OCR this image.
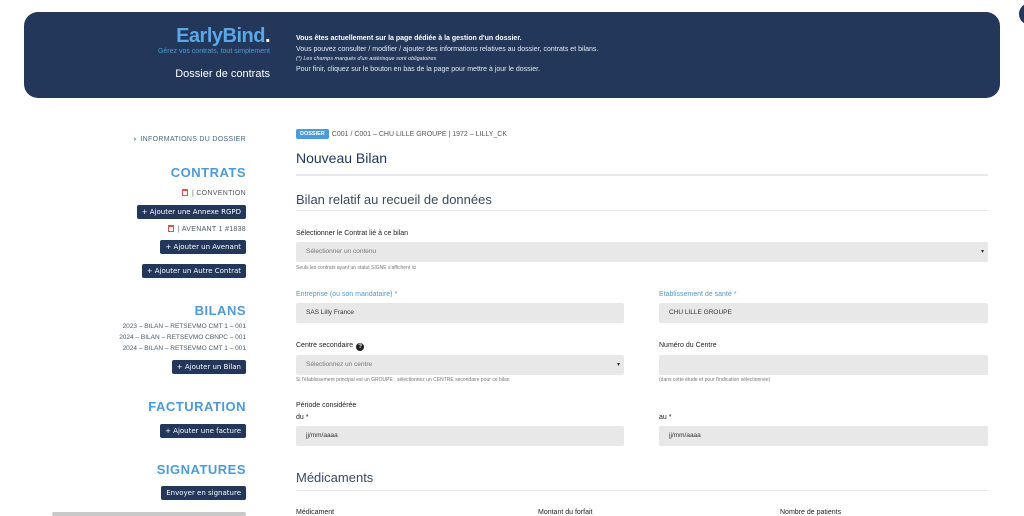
EarlyBind.
Gérez vos contrats, tout simplement
Dossier de contrats
Vous êtes actuellement sur la page dédiée à la gestion d'un dossier.
Vous pouvez consulter / modifier / ajouter des informations relatives au dossier, contrats et bilans.
(*) Les champs marqués d'un astérisque sont obligatoires
Pour finir, cliquez sur le bouton en bas de la page pour mettre à jour le dossier.
› INFORMATIONS DU DOSSIER
CONTRATS
| CONVENTION
+ Ajouter une Annexe RGPD
| AVENANT 1 #1838
+ Ajouter un Avenant
+ Ajouter un Autre Contrat
BILANS
2023 – BILAN – RETSEVMO CMT 1 – 001
2024 – BILAN – RETSEVMO CBNPC – 001
2024 – BILAN – RETSEVMO CMT 1 – 001
+ Ajouter un Bilan
FACTURATION
+ Ajouter une facture
SIGNATURES
Envoyer en signature
DOSSIER C001 / C001 – CHU LILLE GROUPE | 1972 – LILLY_CK
Nouveau Bilan
Bilan relatif au recueil de données
Sélectionner le Contrat lié à ce bilan
Sélectionner un contenu	▾
Seuls les contrats ayant un statut SIGNE s'affichent ici
Entreprise (ou son mandataire) *
SAS Lilly France
Etablissement de santé *
CHU LILLE GROUPE
Centre secondaire ?
Sélectionnez un centre	▾
Si l'établissement principal est un GROUPE : sélectionnez un CENTRE secondaire pour ce bilan
Numéro du Centre
(dans cette étude et pour l'indication sélectionnée)
Période considérée
du *
jj/mm/aaaa
au *
jj/mm/aaaa
Médicaments
Médicament	Montant du forfait	Nombre de patients
